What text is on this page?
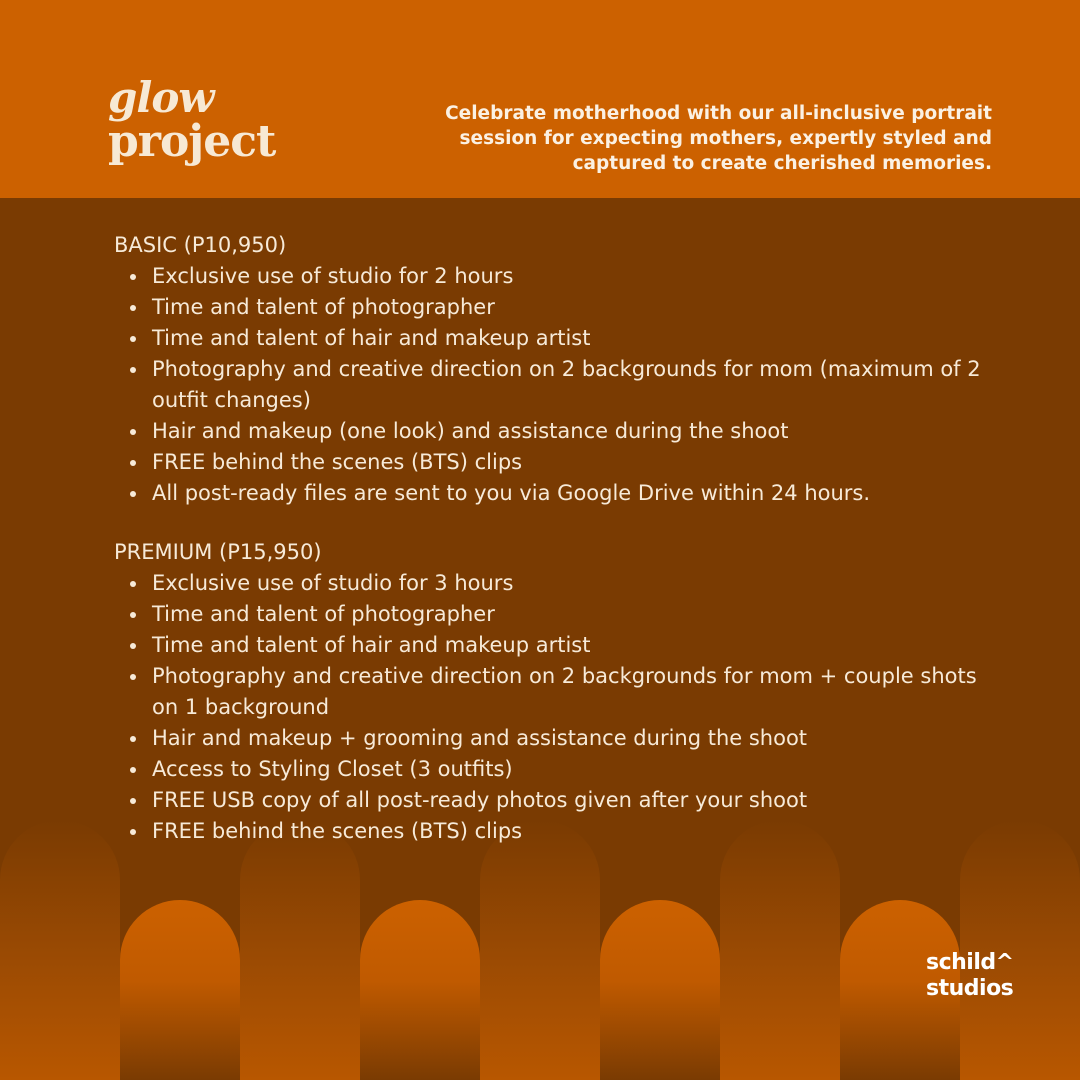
glow
project
Celebrate motherhood with our all-inclusive portrait
session for expecting mothers, expertly styled and
captured to create cherished memories.
BASIC (P10,950)
Exclusive use of studio for 2 hours
Time and talent of photographer
Time and talent of hair and makeup artist
Photography and creative direction on 2 backgrounds for mom (maximum of 2 outfit changes)
Hair and makeup (one look) and assistance during the shoot
FREE behind the scenes (BTS) clips
All post-ready files are sent to you via Google Drive within 24 hours.
PREMIUM (P15,950)
Exclusive use of studio for 3 hours
Time and talent of photographer
Time and talent of hair and makeup artist
Photography and creative direction on 2 backgrounds for mom + couple shots on 1 background
Hair and makeup + grooming and assistance during the shoot
Access to Styling Closet (3 outfits)
FREE USB copy of all post-ready photos given after your shoot
FREE behind the scenes (BTS) clips
schild^
studios
